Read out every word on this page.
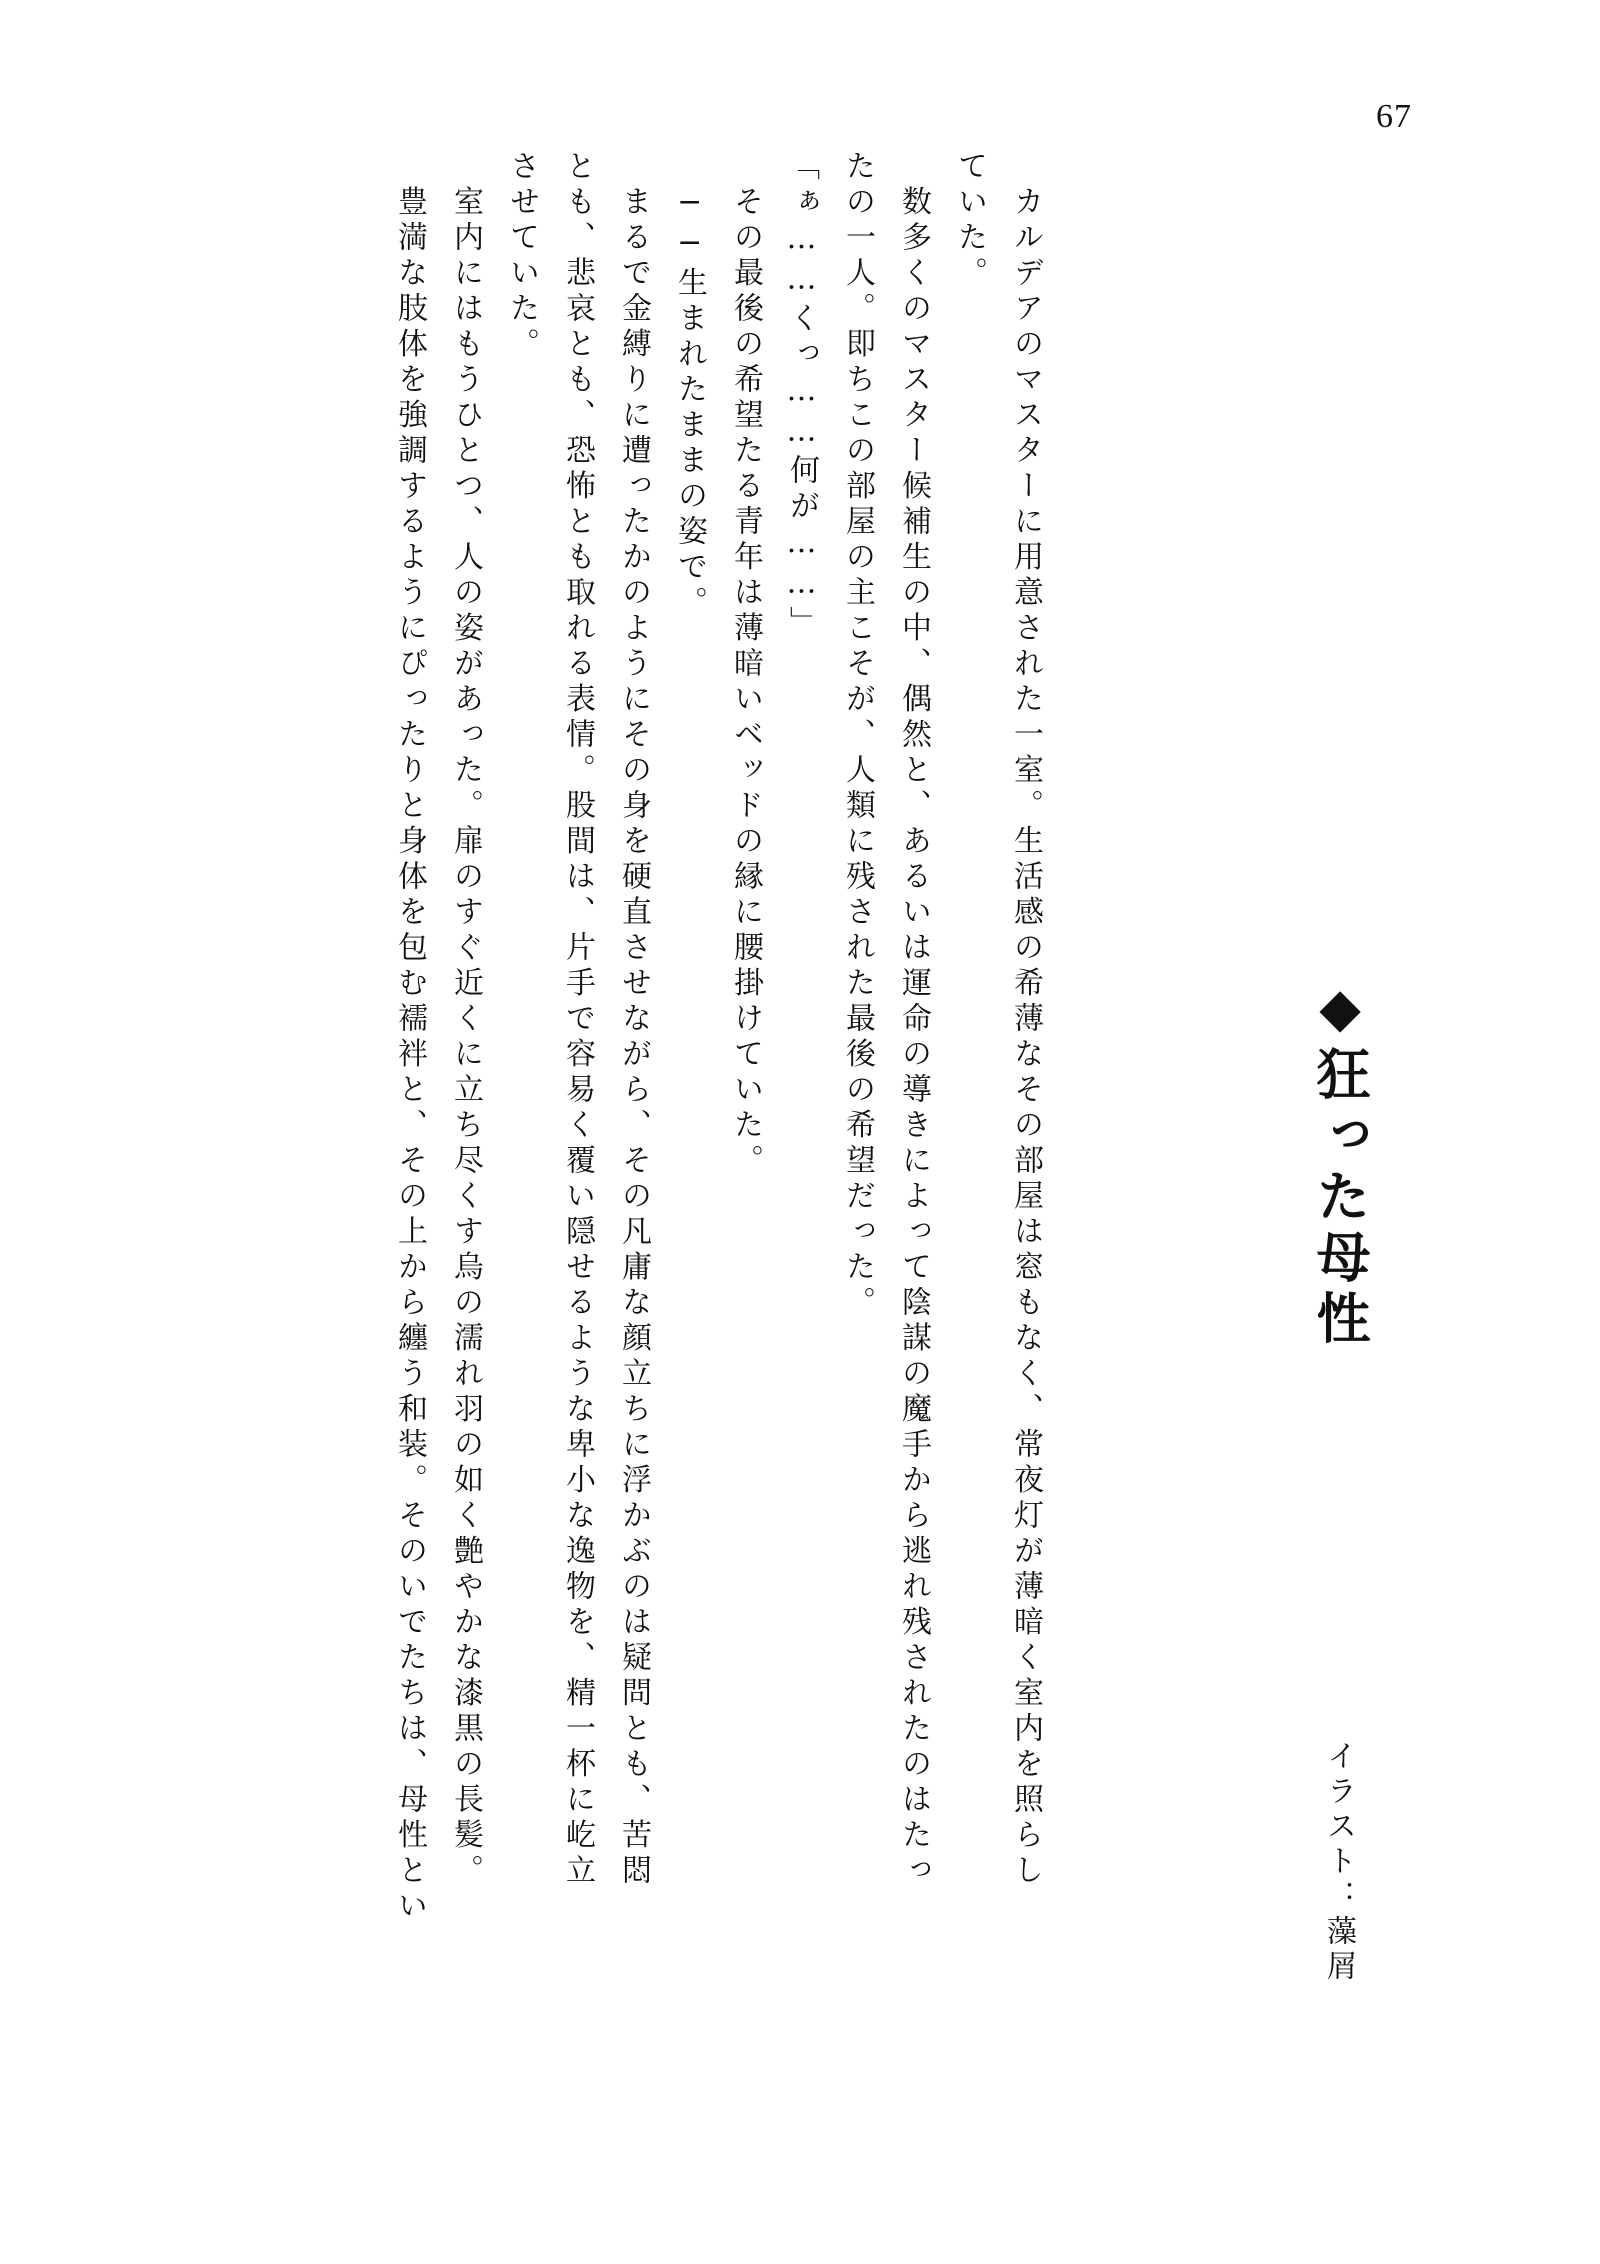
67
◆狂った母性
イラスト：藻屑
　カルデアのマスターに用意された一室。生活感の希薄なその部屋は窓もなく、常夜灯が薄暗く室内を照らし
ていた。
　数多くのマスター候補生の中、偶然と、あるいは運命の導きによって陰謀の魔手から逃れ残されたのはたっ
たの一人。即ちこの部屋の主こそが、人類に残された最後の希望だった。
「ぁ……くっ……何が……」
　その最後の希望たる青年は薄暗いベッドの縁に腰掛けていた。
　──生まれたままの姿で。
　まるで金縛りに遭ったかのようにその身を硬直させながら、その凡庸な顔立ちに浮かぶのは疑問とも、苦悶
とも、悲哀とも、恐怖とも取れる表情。股間は、片手で容易く覆い隠せるような卑小な逸物を、精一杯に屹立
させていた。
　室内にはもうひとつ、人の姿があった。扉のすぐ近くに立ち尽くす烏の濡れ羽の如く艶やかな漆黒の長髪。
　豊満な肢体を強調するようにぴったりと身体を包む襦袢と、その上から纏う和装。そのいでたちは、母性とい
